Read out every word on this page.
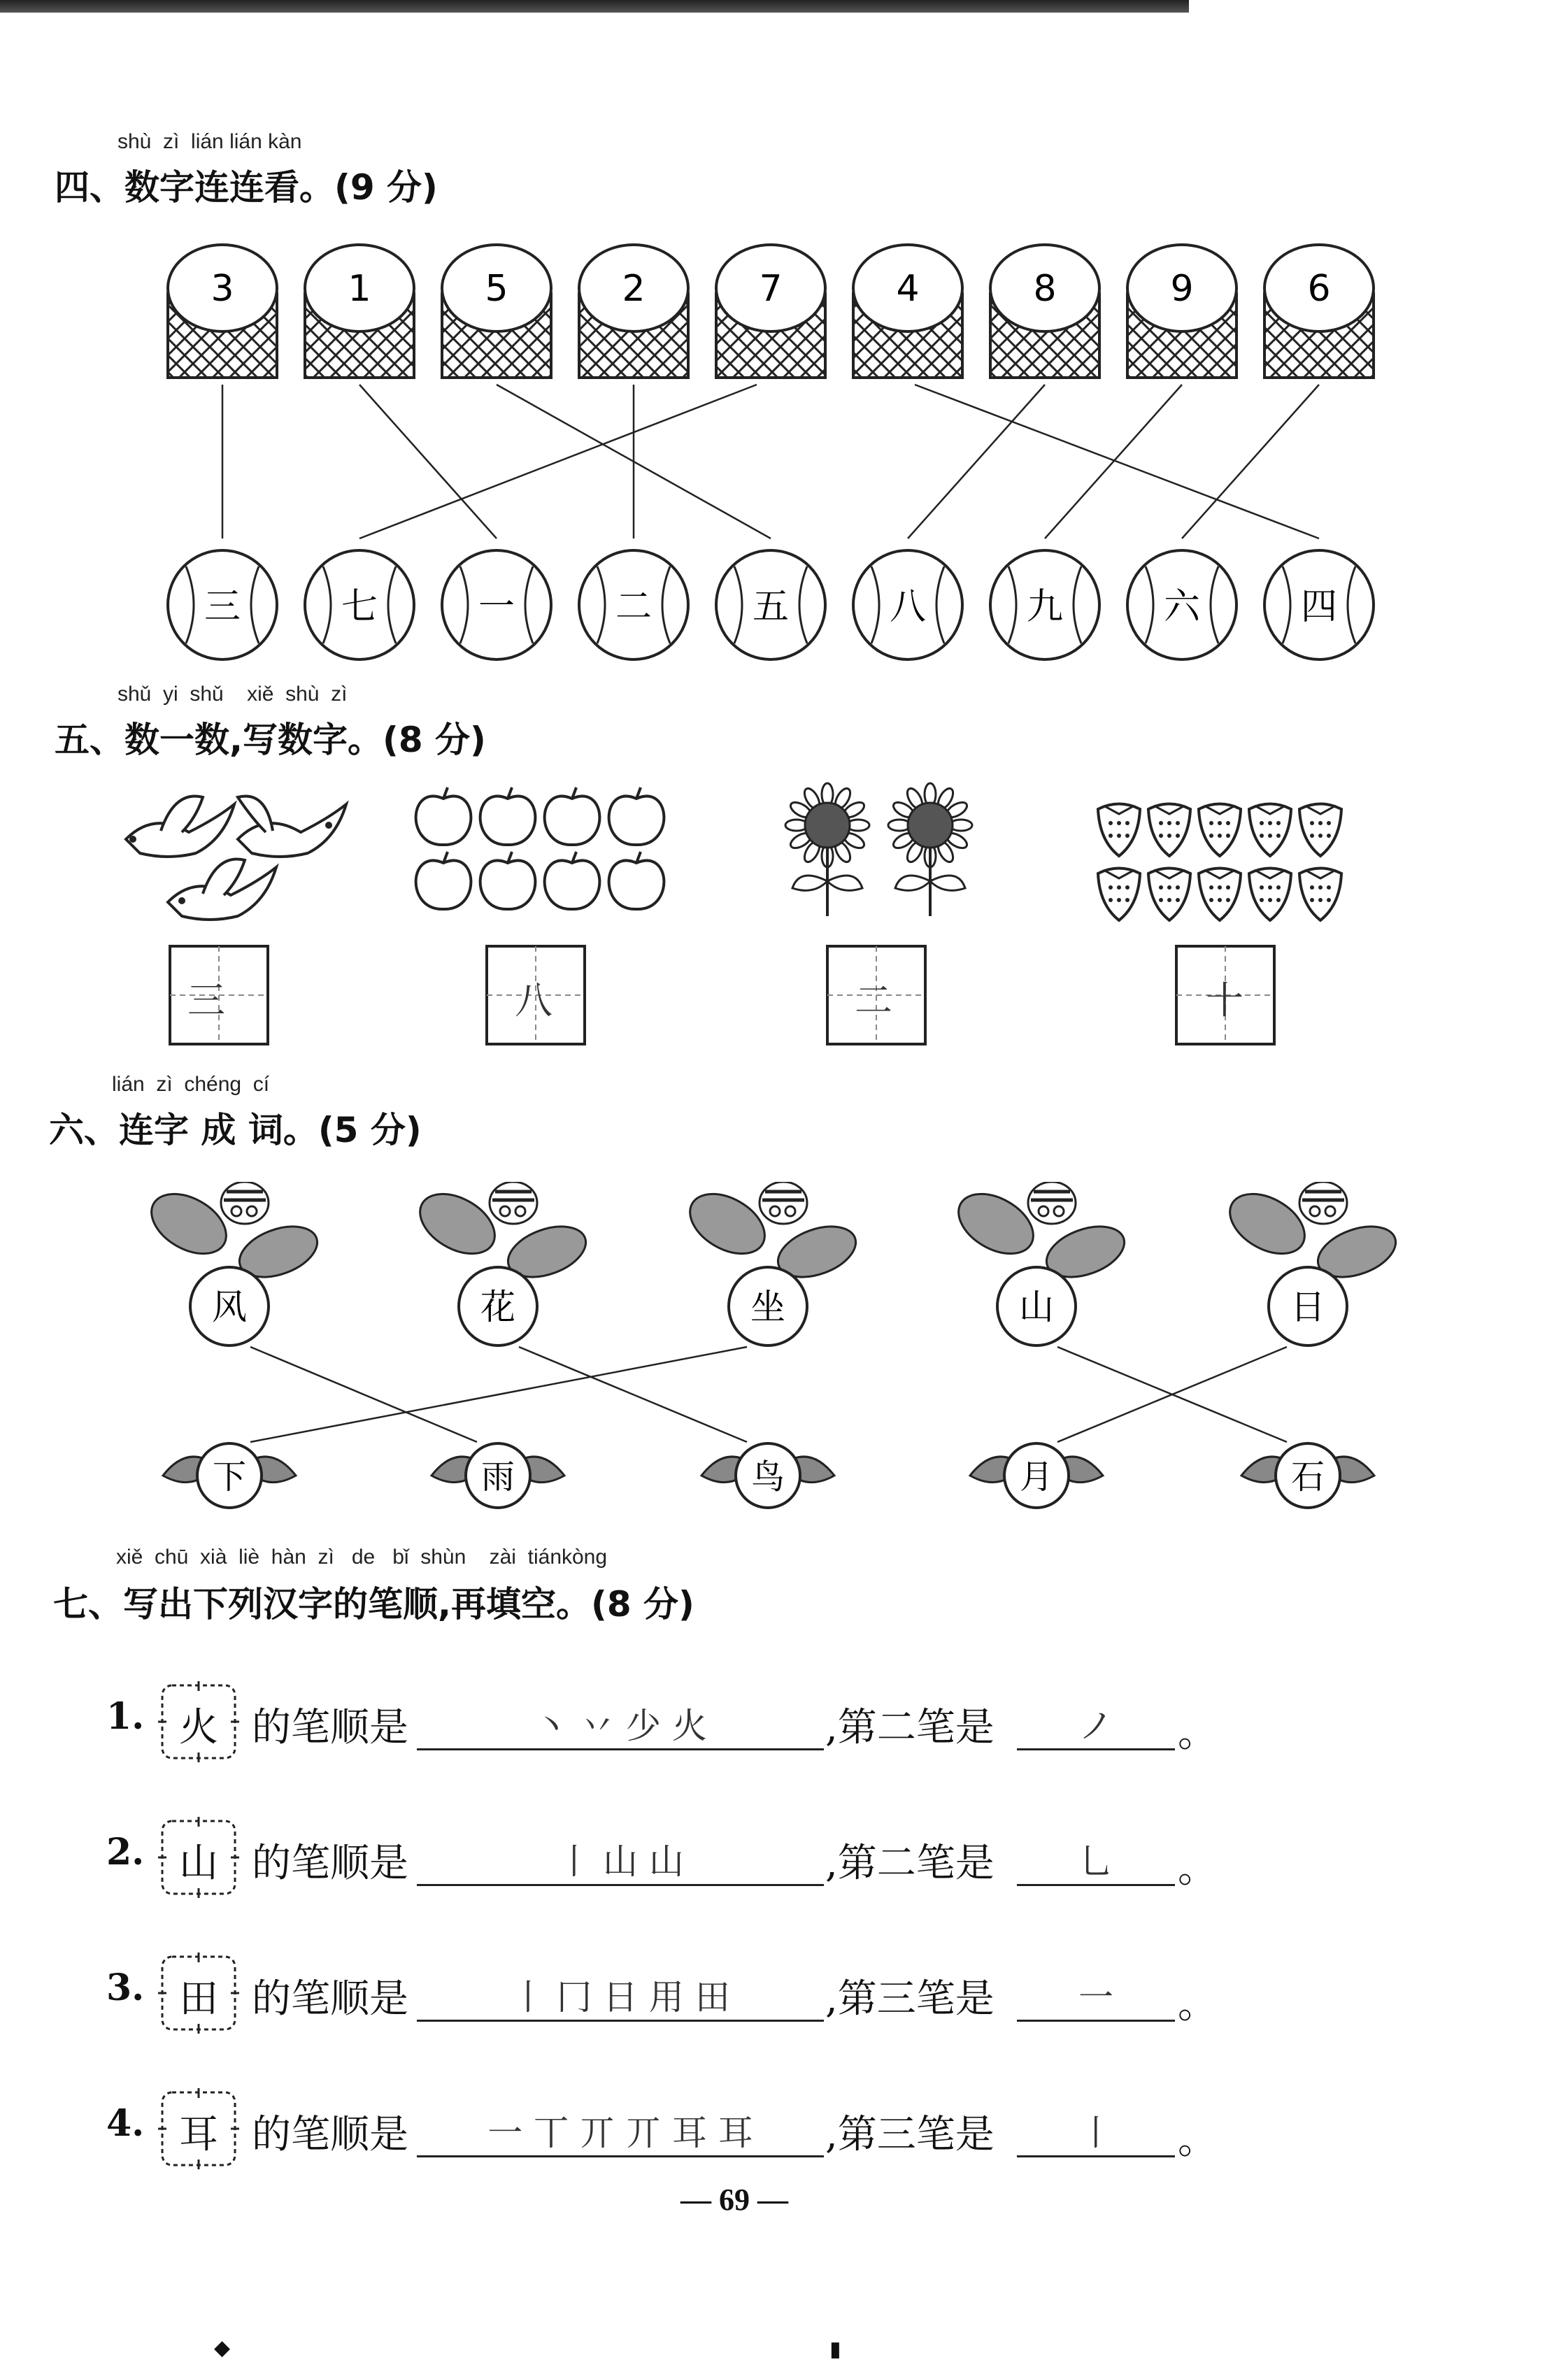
shù  zì  lián lián kàn
四、数字连连看。(9 分)
3	1	5	2	7	4	8	9	6
三	七	一	二	五	八	九	六	四
shǔ  yi  shǔ    xiě  shù  zì
五、数一数,写数字。(8 分)
三	八	二	十
lián  zì  chéng  cí
六、连字 成 词。(5 分)
风	花	坐	山	日
下	雨	鸟	月	石
xiě  chū  xià  liè  hàn  zì   de   bǐ  shùn    zài  tiánkòng
七、写出下列汉字的笔顺,再填空。(8 分)
1. 火 的笔顺是	丶 丷 少 火	,第二笔是	ノ	。
2. 山 的笔顺是	丨 山 山	,第二笔是	乚	。
3. 田 的笔顺是	丨 冂 日 用 田	,第三笔是	一	。
4. 耳 的笔顺是	一 丅 丌 丌 耳 耳	,第三笔是	丨	。
— 69 —
◆	▮
